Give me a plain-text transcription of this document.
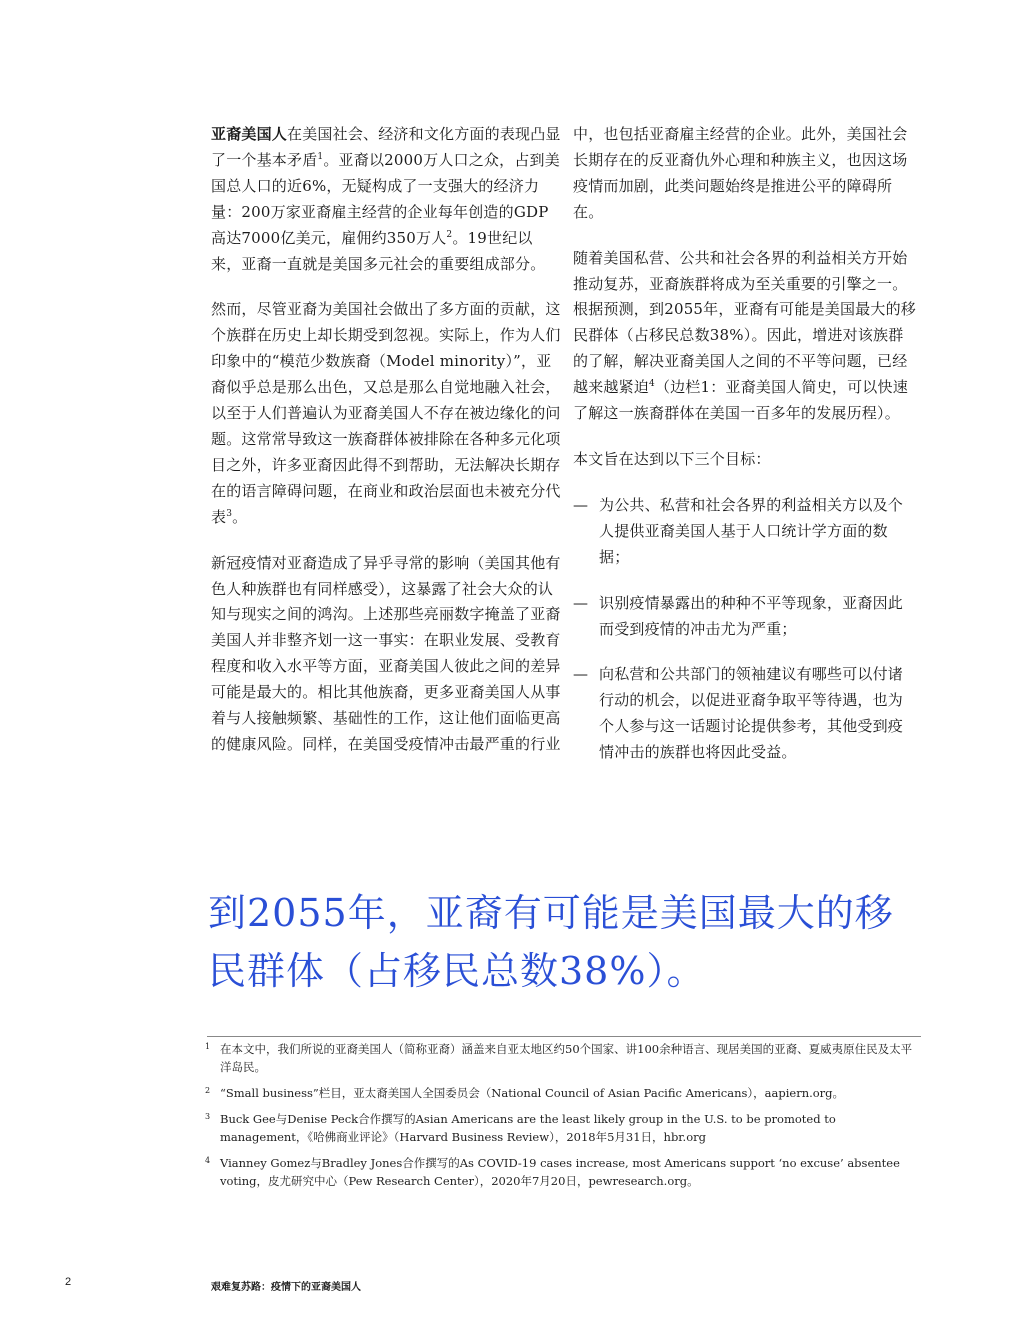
亚裔美国人在美国社会、经济和文化方面的表现凸显了一个基本矛盾$^1$。亚裔以2000万人口之众，占到美国总人口的近6%，无疑构成了一支强大的经济力量：200万家亚裔雇主经营的企业每年创造的GDP高达7000亿美元，雇佣约350万人$^2$。19世纪以来，亚裔一直就是美国多元社会的重要组成部分。

然而，尽管亚裔为美国社会做出了多方面的贡献，这个族群在历史上却长期受到忽视。实际上，作为人们印象中的“模范少数族裔（Model minority）”，亚裔似乎总是那么出色，又总是那么自觉地融入社会，以至于人们普遍认为亚裔美国人不存在被边缘化的问题。这常常导致这一族裔群体被排除在各种多元化项目之外，许多亚裔因此得不到帮助，无法解决长期存在的语言障碍问题，在商业和政治层面也未被充分代表$^3$。

新冠疫情对亚裔造成了异乎寻常的影响（美国其他有色人种族群也有同样感受），这暴露了社会大众的认知与现实之间的鸿沟。上述那些亮丽数字掩盖了亚裔美国人并非整齐划一这一事实：在职业发展、受教育程度和收入水平等方面，亚裔美国人彼此之间的差异可能是最大的。相比其他族裔，更多亚裔美国人从事着与人接触频繁、基础性的工作，这让他们面临更高的健康风险。同样，在美国受疫情冲击最严重的行业

中，也包括亚裔雇主经营的企业。此外，美国社会长期存在的反亚裔仇外心理和种族主义，也因这场疫情而加剧，此类问题始终是推进公平的障碍所在。

随着美国私营、公共和社会各界的利益相关方开始推动复苏，亚裔族群将成为至关重要的引擎之一。根据预测，到2055年，亚裔有可能是美国最大的移民群体（占移民总数38%）。因此，增进对该族群的了解，解决亚裔美国人之间的不平等问题，已经越来越紧迫$^4$（边栏1：亚裔美国人简史，可以快速了解这一族裔群体在美国一百多年的发展历程）。

本文旨在达到以下三个目标：

— 为公共、私营和社会各界的利益相关方以及个人提供亚裔美国人基于人口统计学方面的数据；
— 识别疫情暴露出的种种不平等现象，亚裔因此而受到疫情的冲击尤为严重；
— 向私营和公共部门的领袖建议有哪些可以付诸行动的机会，以促进亚裔争取平等待遇，也为个人参与这一话题讨论提供参考，其他受到疫情冲击的族群也将因此受益。
到2055年，亚裔有可能是美国最大的移民群体（占移民总数38%）。
1 在本文中，我们所说的亚裔美国人（简称亚裔）涵盖来自亚太地区约50个国家、讲100余种语言、现居美国的亚裔、夏威夷原住民及太平洋岛民。
2 “Small business”栏目，亚太裔美国人全国委员会（National Council of Asian Pacific Americans），aapiern.org。
3 Buck Gee与Denise Peck合作撰写的Asian Americans are the least likely group in the U.S. to be promoted to management，《哈佛商业评论》（Harvard Business Review），2018年5月31日，hbr.org
4 Vianney Gomez与Bradley Jones合作撰写的As COVID-19 cases increase, most Americans support ‘no excuse’ absentee voting，皮尤研究中心（Pew Research Center），2020年7月20日，pewresearch.org。
2	艰难复苏路：疫情下的亚裔美国人
